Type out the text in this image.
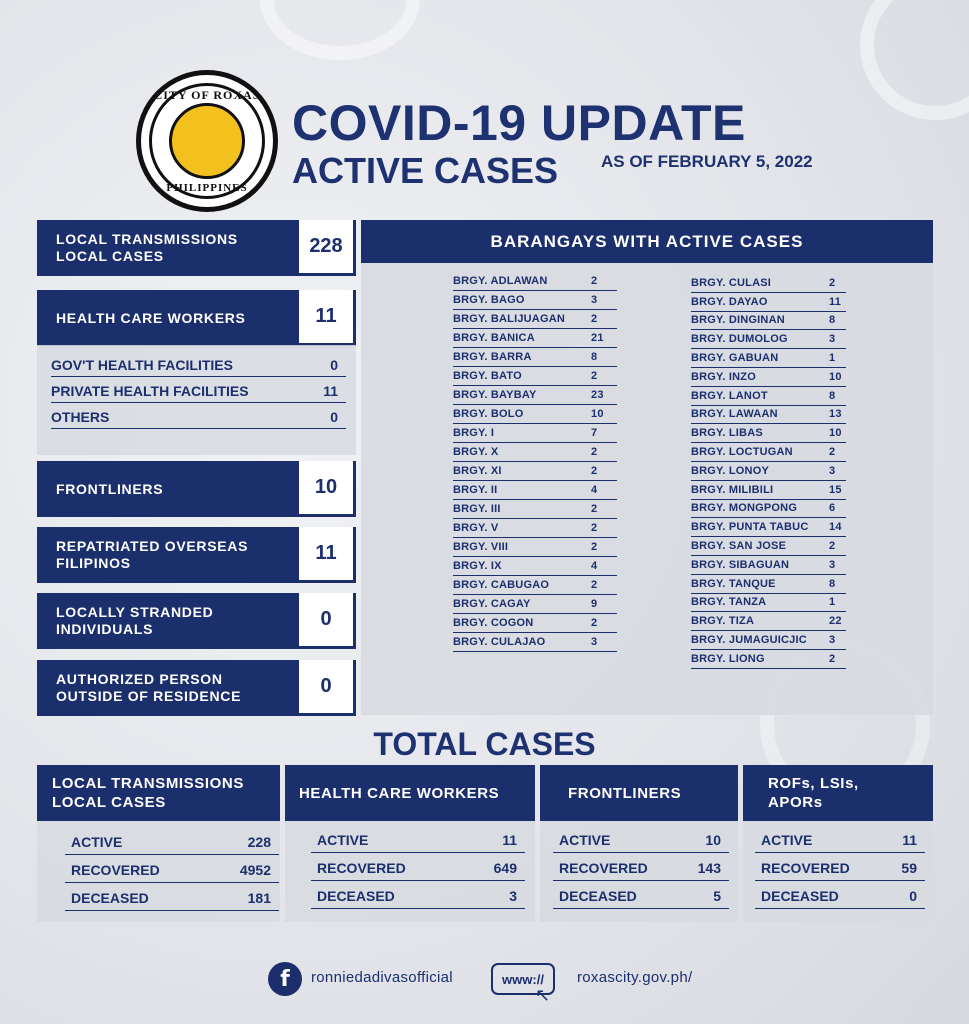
CITY OF ROXAS
PHILIPPINES
COVID-19 UPDATE
ACTIVE CASES	AS OF FEBRUARY 5, 2022
LOCAL TRANSMISSIONS
LOCAL CASES	228
HEALTH CARE WORKERS	11
GOV'T HEALTH FACILITIES	0
PRIVATE HEALTH FACILITIES	11
OTHERS	0
FRONTLINERS	10
REPATRIATED OVERSEAS
FILIPINOS	11
LOCALLY STRANDED
INDIVIDUALS	0
AUTHORIZED PERSON
OUTSIDE OF RESIDENCE	0
BARANGAYS WITH ACTIVE CASES
BRGY. ADLAWAN	2
BRGY. BAGO	3
BRGY. BALIJUAGAN 2
BRGY. BANICA	21
BRGY. BARRA	8
BRGY. BATO	2
BRGY. BAYBAY	23
BRGY. BOLO	10
BRGY. I	7
BRGY. X	2
BRGY. XI	2
BRGY. II	4
BRGY. III	2
BRGY. V	2
BRGY. VIII	2
BRGY. IX	4
BRGY. CABUGAO	2
BRGY. CAGAY	9
BRGY. COGON	2
BRGY. CULAJAO	3
BRGY. CULASI	2
BRGY. DAYAO	11
BRGY. DINGINAN	8
BRGY. DUMOLOG	3
BRGY. GABUAN	1
BRGY. INZO	10
BRGY. LANOT	8
BRGY. LAWAAN	13
BRGY. LIBAS	10
BRGY. LOCTUGAN	2
BRGY. LONOY	3
BRGY. MILIBILI	15
BRGY. MONGPONG	6
BRGY. PUNTA TABUC 14
BRGY. SAN JOSE	2
BRGY. SIBAGUAN	3
BRGY. TANQUE	8
BRGY. TANZA	1
BRGY. TIZA	22
BRGY. JUMAGUICJIC 3
BRGY. LIONG	2
TOTAL CASES
LOCAL TRANSMISSIONS
LOCAL CASES
ACTIVE	228
RECOVERED	4952
DECEASED	181
HEALTH CARE WORKERS
ACTIVE	11
RECOVERED	649
DECEASED	3
FRONTLINERS
ACTIVE	10
RECOVERED	143
DECEASED	5
ROFs, LSIs,
APORs
ACTIVE	11
RECOVERED	59
DECEASED	0
f	ronniedadivasofficial	www://
↖
roxascity.gov.ph/
